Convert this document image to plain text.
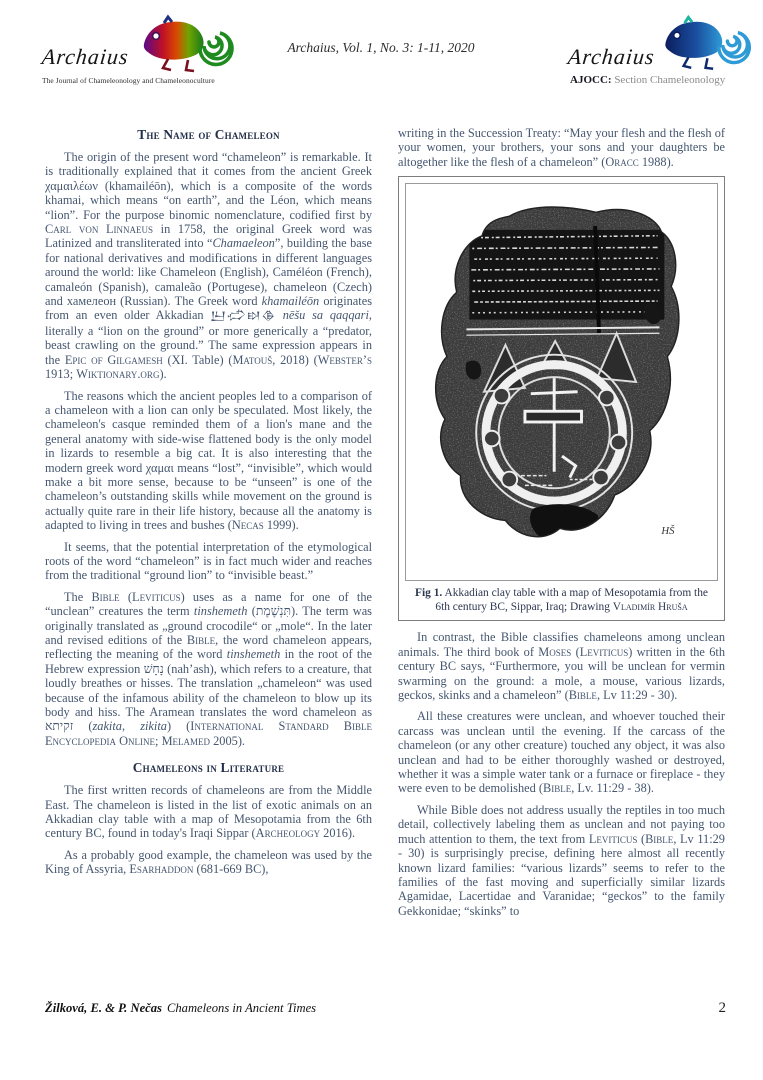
Archaius
The Journal of Chameleonology and Chameleonoculture
Archaius, Vol. 1, No. 3: 1-11, 2020	Archaius
AJOCC: Section Chameleonology
The Name of Chameleon

The origin of the present word “chameleon” is remarkable. It is traditionally explained that it comes from the ancient Greek χαμαιλέων (khamailéōn), which is a composite of the words khamai, which means “on earth”, and the Léon, which means “lion”. For the purpose binomic nomenclature, codified first by Carl von Linnaeus in 1758, the original Greek word was Latinized and transliterated into “Chamaeleon”, building the base for national derivatives and modifications in different languages around the world: like Chameleon (English), Caméléon (French), camaleón (Spanish), camaleão (Portugese), chameleon (Czech) and хамелеон (Russian). The Greek word khamailéōn originates from an even older Akkadian 𒌨𒈤𒊭𒆠 nēšu sa qaqqari, literally a “lion on the ground” or more generically a “predator, beast crawling on the ground.” The same expression appears in the Epic of Gilgamesh (XI. Table) (Matouš, 2018) (Webster’s 1913; Wiktionary.org).

The reasons which the ancient peoples led to a comparison of a chameleon with a lion can only be speculated. Most likely, the chameleon's casque reminded them of a lion's mane and the general anatomy with side-wise flattened body is the only model in lizards to resemble a big cat. It is also interesting that the modern greek word χαμαι means “lost”, “invisible”, which would make a bit more sense, because to be “unseen” is one of the chameleon’s outstanding skills while movement on the ground is actually quite rare in their life history, because all the anatomy is adapted to living in trees and bushes (Necas 1999).

It seems, that the potential interpretation of the etymological roots of the word “chameleon” is in fact much wider and reaches from the traditional “ground lion” to “invisible beast.”

The Bible (Leviticus) uses as a name for one of the “unclean” creatures the term tinshemeth (תִּנְשֶׁמֶת). The term was originally translated as „ground crocodile“ or „mole“. In the later and revised editions of the Bible, the word chameleon appears, reflecting the meaning of the word tinshemeth in the root of the Hebrew expression נָחָשׁ (nah’ash), which refers to a creature, that loudly breathes or hisses. The translation „chameleon“ was used because of the infamous ability of the chameleon to blow up its body and hiss. The Aramean translates the word chameleon as זקיתא (zakita, zikita) (International Standard Bible Encyclopedia Online; Melamed 2005).

Chameleons in Literature

The first written records of chameleons are from the Middle East. The chameleon is listed in the list of exotic animals on an Akkadian clay table with a map of Mesopotamia from the 6th century BC, found in today's Iraqi Sippar (Archeology 2016).

As a probably good example, the chameleon was used by the King of Assyria, Esarhaddon (681-669 BC),

writing in the Succession Treaty: “May your flesh and the flesh of your women, your brothers, your sons and your daughters be altogether like the flesh of a chameleon” (Oracc 1988).

HŠ
Fig 1. Akkadian clay table with a map of Mesopotamia from the 6th century BC, Sippar, Iraq; Drawing Vladimír Hruša

In contrast, the Bible classifies chameleons among unclean animals. The third book of Moses (Leviticus) written in the 6th century BC says, “Furthermore, you will be unclean for vermin swarming on the ground: a mole, a mouse, various lizards, geckos, skinks and a chameleon” (Bible, Lv 11:29 - 30).

All these creatures were unclean, and whoever touched their carcass was unclean until the evening. If the carcass of the chameleon (or any other creature) touched any object, it was also unclean and had to be either thoroughly washed or destroyed, whether it was a simple water tank or a furnace or fireplace - they were even to be demolished (Bible, Lv. 11:29 - 38).

While Bible does not address usually the reptiles in too much detail, collectively labeling them as unclean and not paying too much attention to them, the text from Leviticus (Bible, Lv 11:29 - 30) is surprisingly precise, defining here almost all recently known lizard families: “various lizards” seems to refer to the families of the fast moving and superficially similar lizards Agamidae, Lacertidae and Varanidae; “geckos” to the family Gekkonidae; “skinks” to

Žilková, E. & P. Nečas Chameleons in Ancient Times	2
